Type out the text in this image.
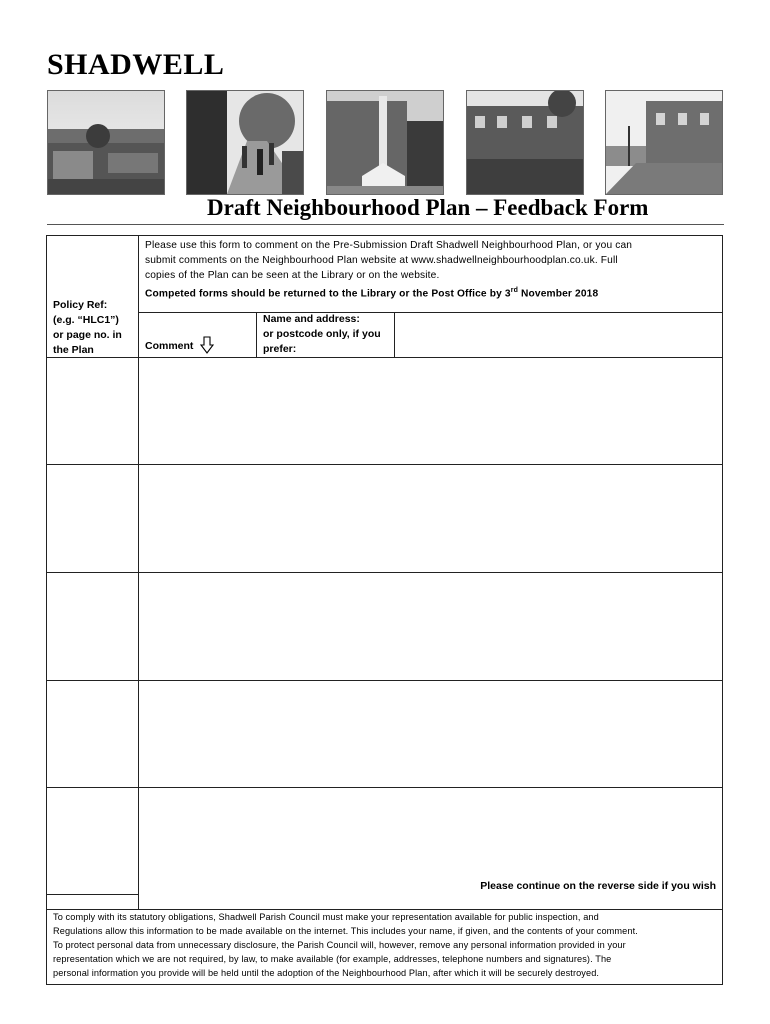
SHADWELL
Draft Neighbourhood Plan – Feedback Form
Please use this form to comment on the Pre-Submission Draft Shadwell Neighbourhood Plan, or you can
submit comments on the Neighbourhood Plan website at www.shadwellneighbourhoodplan.co.uk. Full
copies of the Plan can be seen at the Library or on the website.
Competed forms should be returned to the Library or the Post Office by 3rd November 2018
Policy Ref:
(e.g. “HLC1”)
or page no. in
the Plan	Comment
Name and address:
or postcode only, if you
prefer:
Please continue on the reverse side if you wish
To comply with its statutory obligations, Shadwell Parish Council must make your representation available for public inspection, and
Regulations allow this information to be made available on the internet. This includes your name, if given, and the contents of your comment.
To protect personal data from unnecessary disclosure, the Parish Council will, however, remove any personal information provided in your
representation which we are not required, by law, to make available (for example, addresses, telephone numbers and signatures). The
personal information you provide will be held until the adoption of the Neighbourhood Plan, after which it will be securely destroyed.
